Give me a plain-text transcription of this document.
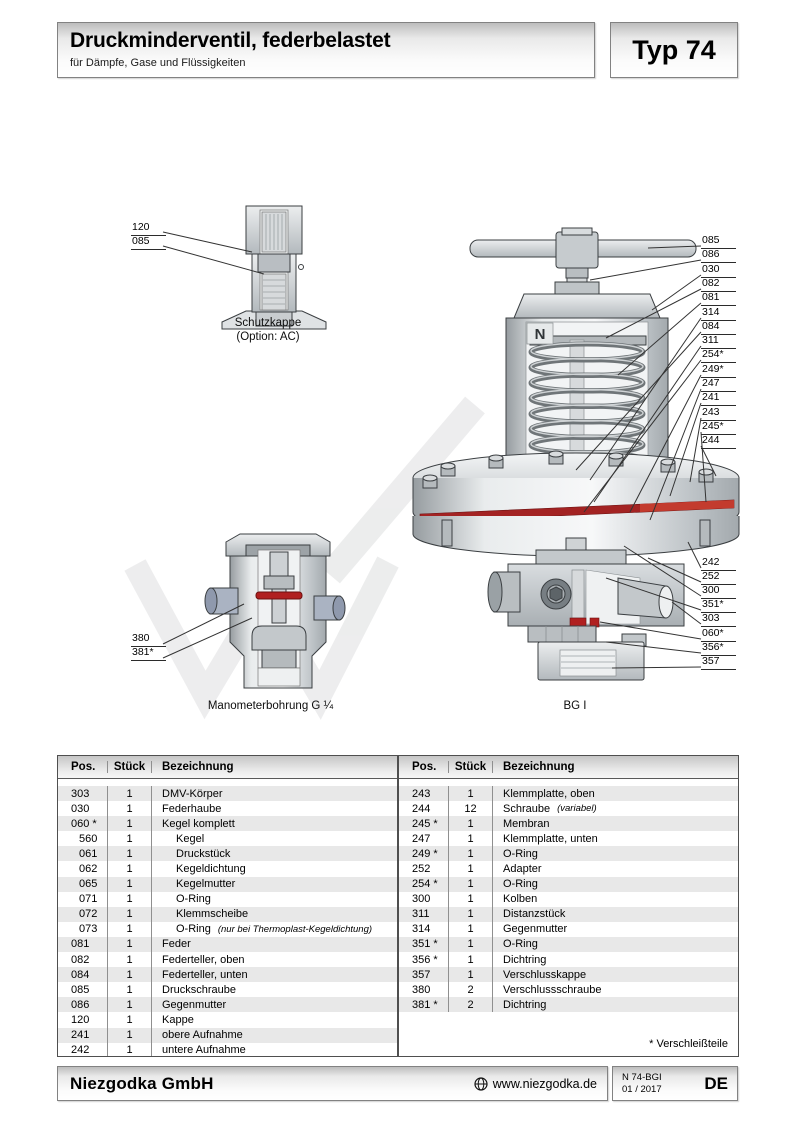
Druckminderventil, federbelastet
für Dämpfe, Gase und Flüssigkeiten	Typ 74
N
120
085	085
086
030
082
081
314
084
311
254*
249*
247
241
243
245*
244
242
252
300
351*
303
060*
356*
357
380
381*
Schutzkappe
(Option: AC)
Manometerbohrung G ¼	BG I
Pos.	Stück	Bezeichnung
303	1	DMV-Körper
030	1	Federhaube
060 *	1	Kegel komplett
560	1	Kegel
061	1	Druckstück
062	1	Kegeldichtung
065	1	Kegelmutter
071	1	O-Ring
072	1	Klemmscheibe
073	1	O-Ring (nur bei Thermoplast-Kegeldichtung)
081	1	Feder
082	1	Federteller, oben
084	1	Federteller, unten
085	1	Druckschraube
086	1	Gegenmutter
120	1	Kappe
241	1	obere Aufnahme
242	1	untere Aufnahme
Pos.	Stück	Bezeichnung
243	1	Klemmplatte, oben
244	12	Schraube (variabel)
245 *	1	Membran
247	1	Klemmplatte, unten
249 *	1	O-Ring
252	1	Adapter
254 *	1	O-Ring
300	1	Kolben
311	1	Distanzstück
314	1	Gegenmutter
351 *	1	O-Ring
356 *	1	Dichtring
357	1	Verschlusskappe
380	2	Verschlussschraube
381 *	2	Dichtring
* Verschleißteile
Niezgodka GmbH	www.niezgodka.de	N 74-BGI
01 / 2017	DE
